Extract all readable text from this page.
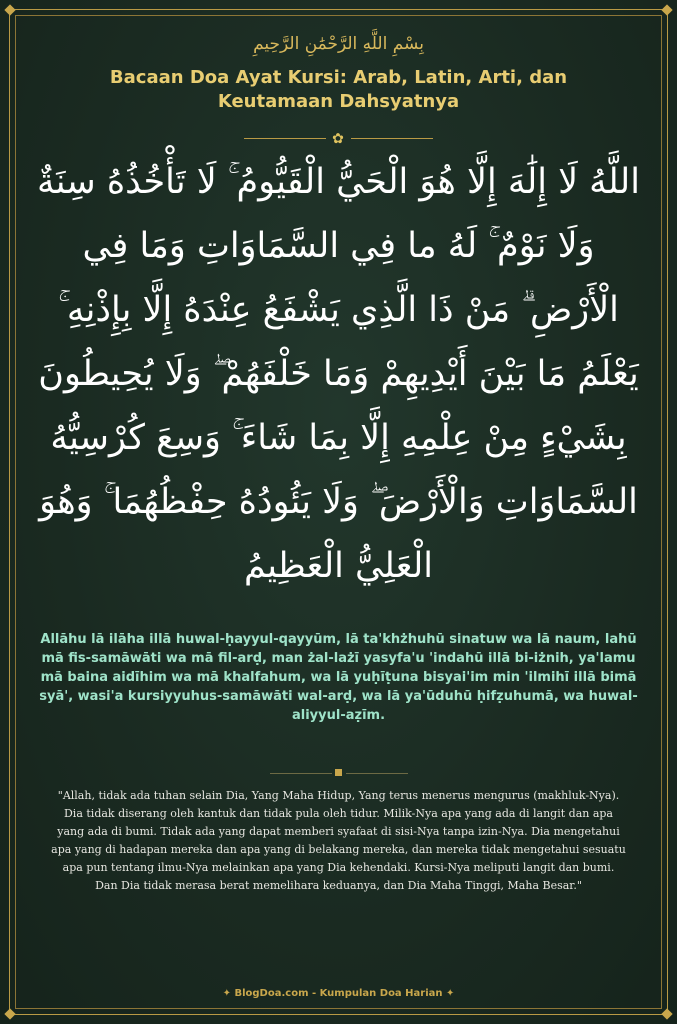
بِسْمِ اللَّهِ الرَّحْمَٰنِ الرَّحِيمِ
Bacaan Doa Ayat Kursi: Arab, Latin, Arti, dan Keutamaan Dahsyatnya
✿
اللَّهُ لَا إِلَٰهَ إِلَّا هُوَ الْحَيُّ الْقَيُّومُ ۚ لَا تَأْخُذُهُ سِنَةٌ وَلَا نَوْمٌ ۚ لَهُ ما فِي السَّمَاوَاتِ وَمَا فِي الْأَرْضِ ۗ مَنْ ذَا الَّذِي يَشْفَعُ عِنْدَهُ إِلَّا بِإِذْنِهِ ۚ يَعْلَمُ مَا بَيْنَ أَيْدِيهِمْ وَمَا خَلْفَهُمْ ۖ وَلَا يُحِيطُونَ بِشَيْءٍ مِنْ عِلْمِهِ إِلَّا بِمَا شَاءَ ۚ وَسِعَ كُرْسِيُّهُ السَّمَاوَاتِ وَالْأَرْضَ ۖ وَلَا يَئُودُهُ حِفْظُهُمَا ۚ وَهُوَ الْعَلِيُّ الْعَظِيمُ
Allāhu lā ilāha illā huwal-ḥayyul-qayyūm, lā ta'khżhuhū sinatuw wa lā naum, lahū mā fis-samāwāti wa mā fil-arḍ, man żal-lażī yasyfa'u 'indahū illā bi-iżnih, ya'lamu mā baina aidīhim wa mā khalfahum, wa lā yuḥīṭuna bisyai'im min 'ilmihī illā bimā syā', wasi'a kursiyyuhus-samāwāti wal-arḍ, wa lā ya'ūduhū ḥifẓuhumā, wa huwal-aliyyul-aẓīm.
"Allah, tidak ada tuhan selain Dia, Yang Maha Hidup, Yang terus menerus mengurus (makhluk-Nya). Dia tidak diserang oleh kantuk dan tidak pula oleh tidur. Milik-Nya apa yang ada di langit dan apa yang ada di bumi. Tidak ada yang dapat memberi syafaat di sisi-Nya tanpa izin-Nya. Dia mengetahui apa yang di hadapan mereka dan apa yang di belakang mereka, dan mereka tidak mengetahui sesuatu apa pun tentang ilmu-Nya melainkan apa yang Dia kehendaki. Kursi-Nya meliputi langit dan bumi. Dan Dia tidak merasa berat memelihara keduanya, dan Dia Maha Tinggi, Maha Besar."
✦ BlogDoa.com - Kumpulan Doa Harian ✦
